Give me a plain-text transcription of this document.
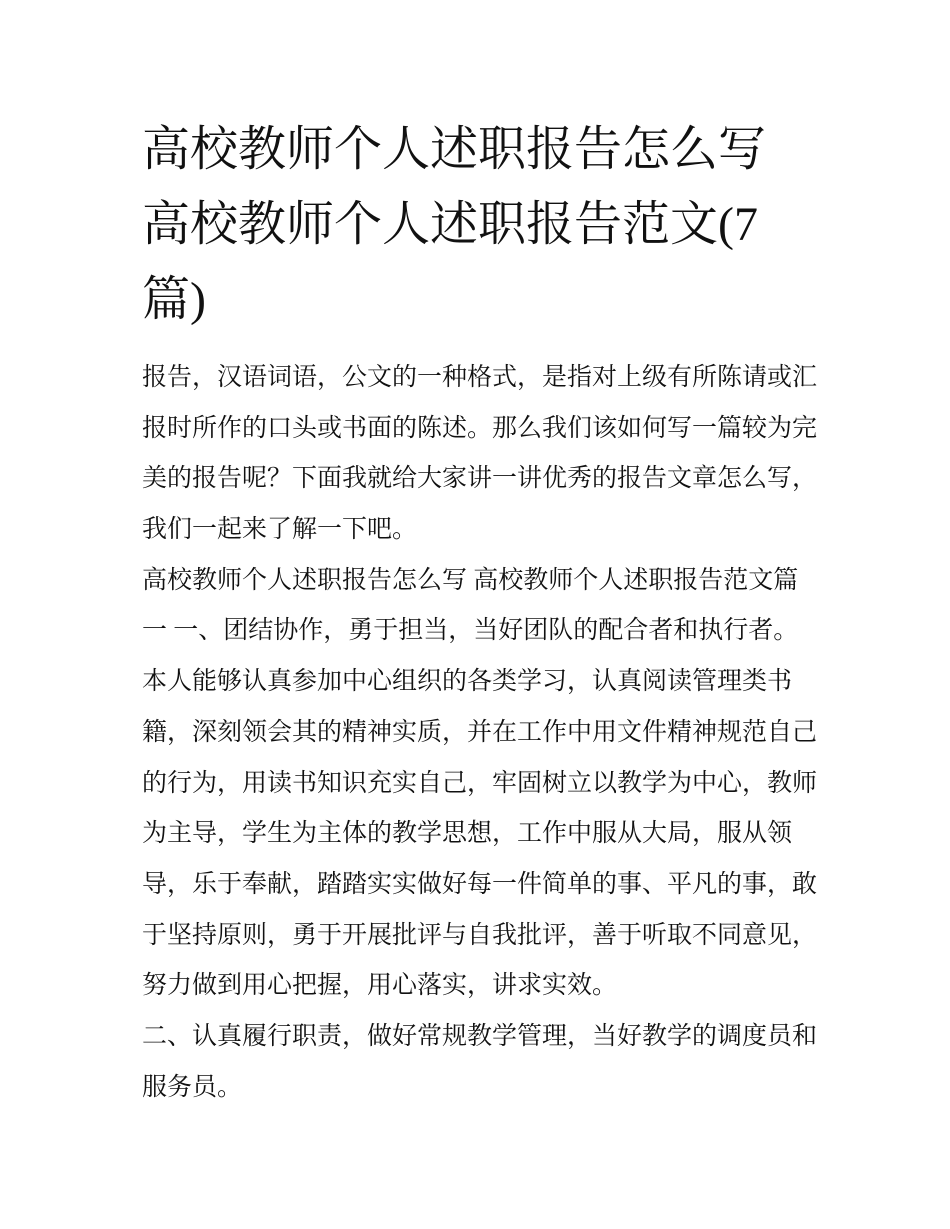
高校教师个人述职报告怎么写
高校教师个人述职报告范文(7
篇)
报告，汉语词语，公文的一种格式，是指对上级有所陈请或汇
报时所作的口头或书面的陈述。那么我们该如何写一篇较为完
美的报告呢？下面我就给大家讲一讲优秀的报告文章怎么写，
我们一起来了解一下吧。
高校教师个人述职报告怎么写 高校教师个人述职报告范文篇
一 一、团结协作，勇于担当，当好团队的配合者和执行者。
本人能够认真参加中心组织的各类学习，认真阅读管理类书
籍，深刻领会其的精神实质，并在工作中用文件精神规范自己
的行为，用读书知识充实自己，牢固树立以教学为中心，教师
为主导，学生为主体的教学思想，工作中服从大局，服从领
导，乐于奉献，踏踏实实做好每一件简单的事、平凡的事，敢
于坚持原则，勇于开展批评与自我批评，善于听取不同意见，
努力做到用心把握，用心落实，讲求实效。
二、认真履行职责，做好常规教学管理，当好教学的调度员和
服务员。
